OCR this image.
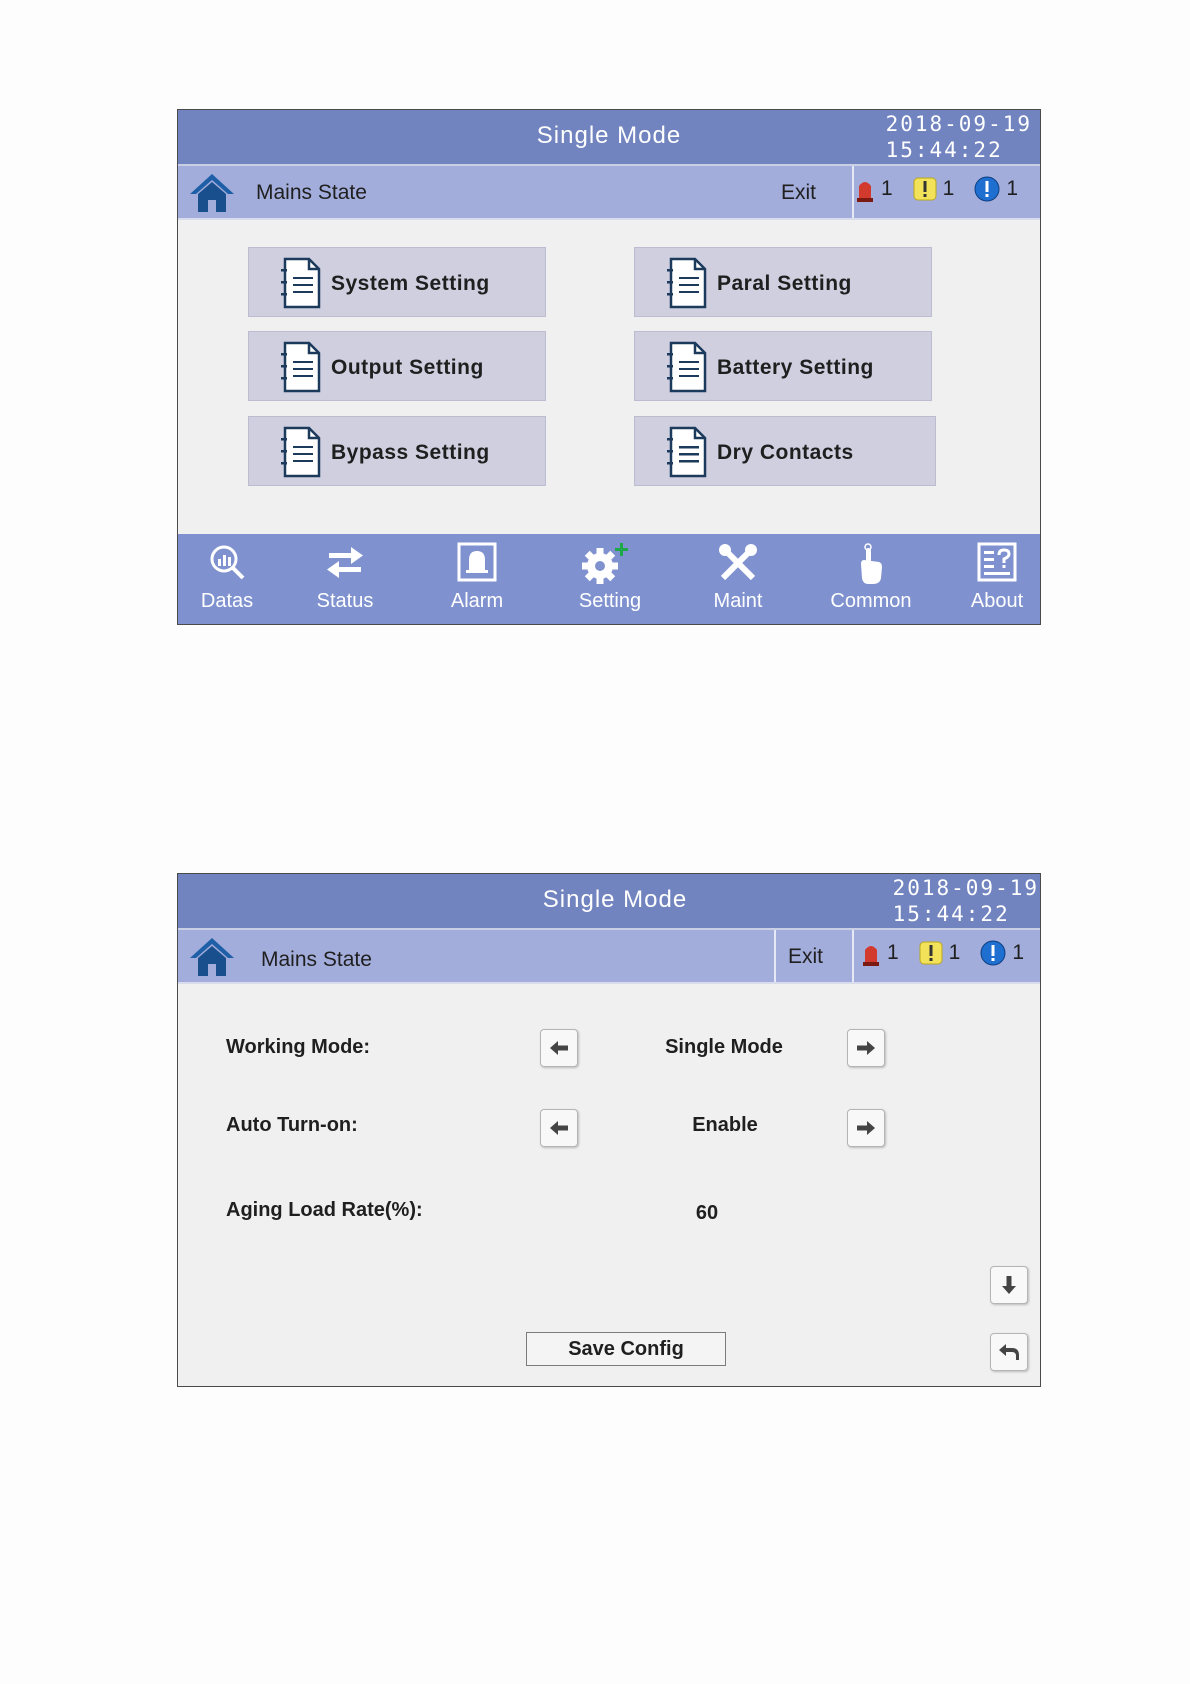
Single Mode	2018-09-19
15:44:22
Mains State	Exit	1 1 1
System Setting	Paral Setting
Output Setting	Battery Setting
Bypass Setting	Dry Contacts
Datas	Status	Alarm	Setting	Maint	Common	About
Single Mode	2018-09-19
15:44:22
Mains State	Exit	1 1 1
Working Mode:	Single Mode
Auto Turn-on:	Enable
Aging Load Rate(%):	60
Save Config
